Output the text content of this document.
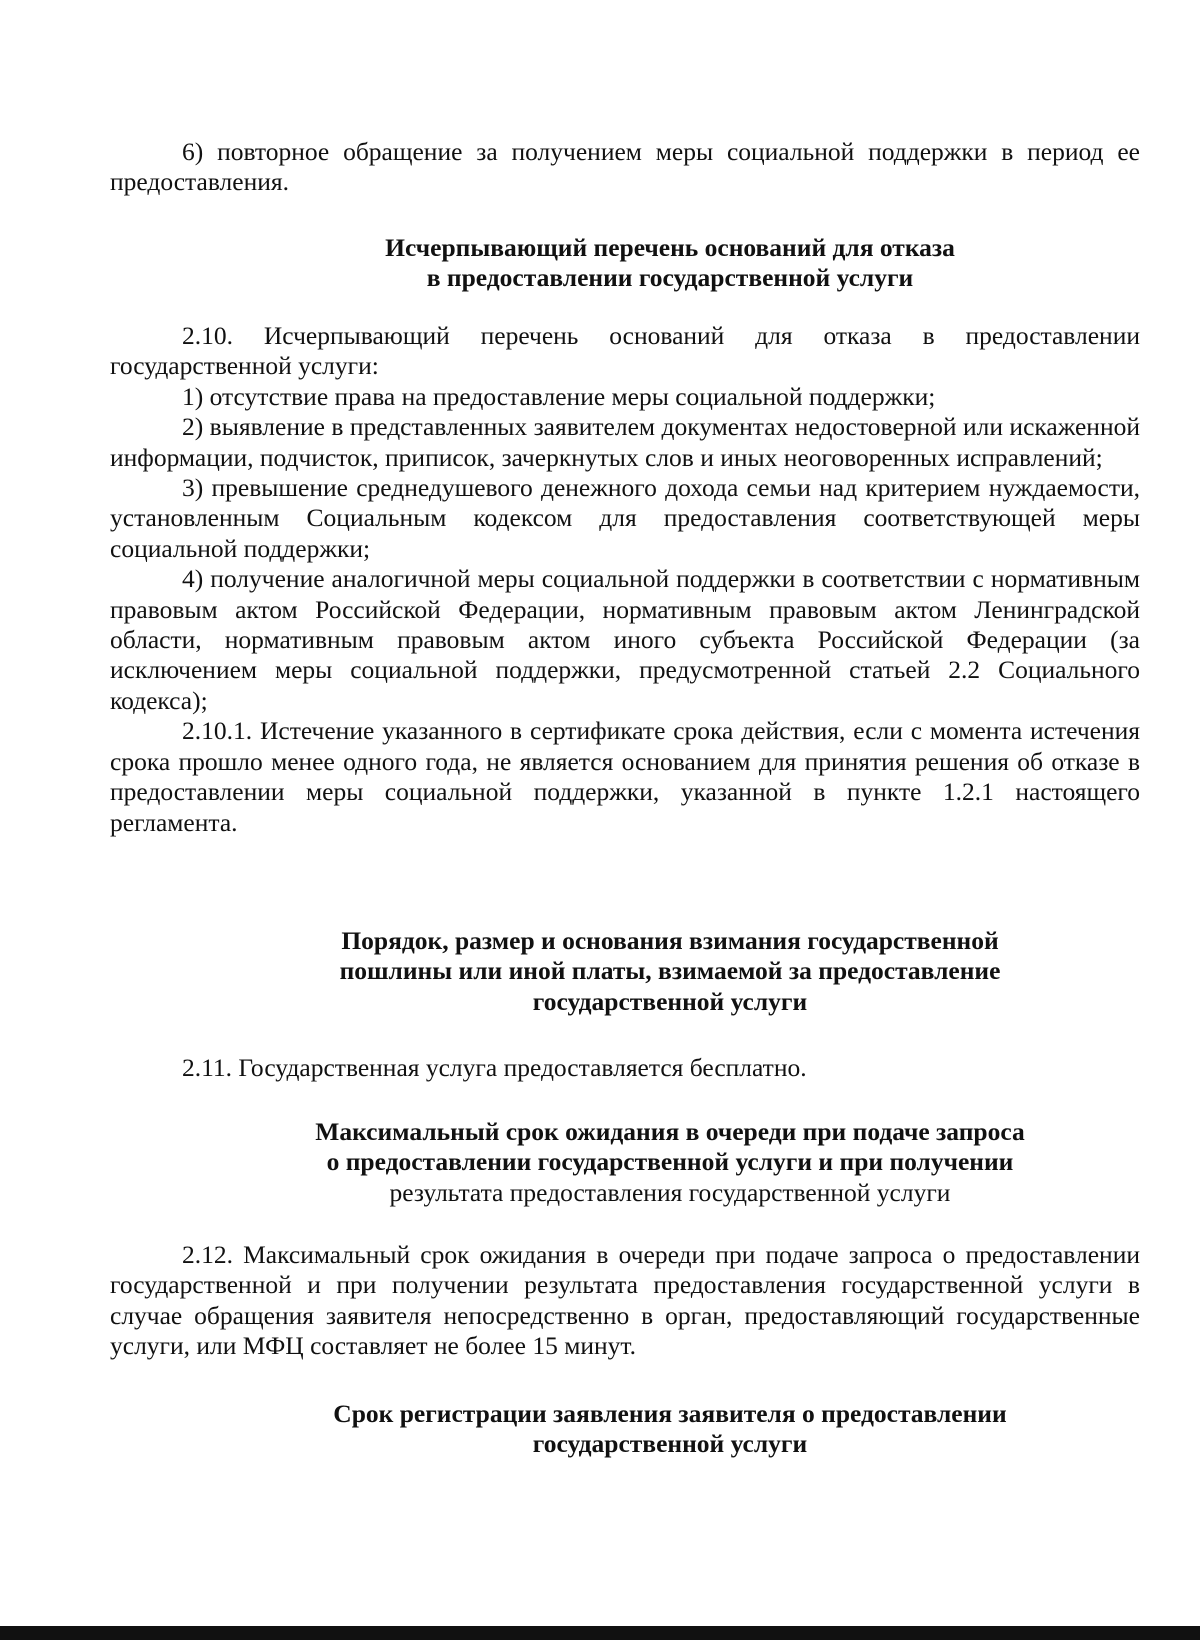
6) повторное обращение за получением меры социальной поддержки в период ее предоставления.

Исчерпывающий перечень оснований для отказа
в предоставлении государственной услуги

2.10. Исчерпывающий перечень оснований для отказа в предоставлении государственной услуги:

1) отсутствие права на предоставление меры социальной поддержки;

2) выявление в представленных заявителем документах недостоверной или искаженной информации, подчисток, приписок, зачеркнутых слов и иных неоговоренных исправлений;

3) превышение среднедушевого денежного дохода семьи над критерием нуждаемости, установленным Социальным кодексом для предоставления соответствующей меры социальной поддержки;

4) получение аналогичной меры социальной поддержки в соответствии с нормативным правовым актом Российской Федерации, нормативным правовым актом Ленинградской области, нормативным правовым актом иного субъекта Российской Федерации (за исключением меры социальной поддержки, предусмотренной статьей 2.2 Социального кодекса);

2.10.1. Истечение указанного в сертификате срока действия, если с момента истечения срока прошло менее одного года, не является основанием для принятия решения об отказе в предоставлении меры социальной поддержки, указанной в пункте 1.2.1 настоящего регламента.

Порядок, размер и основания взимания государственной
пошлины или иной платы, взимаемой за предоставление
государственной услуги

2.11. Государственная услуга предоставляется бесплатно.

Максимальный срок ожидания в очереди при подаче запроса
о предоставлении государственной услуги и при получении
результата предоставления государственной услуги

2.12. Максимальный срок ожидания в очереди при подаче запроса о предоставлении государственной и при получении результата предоставления государственной услуги в случае обращения заявителя непосредственно в орган, предоставляющий государственные услуги, или МФЦ составляет не более 15 минут.

Срок регистрации заявления заявителя о предоставлении
государственной услуги
